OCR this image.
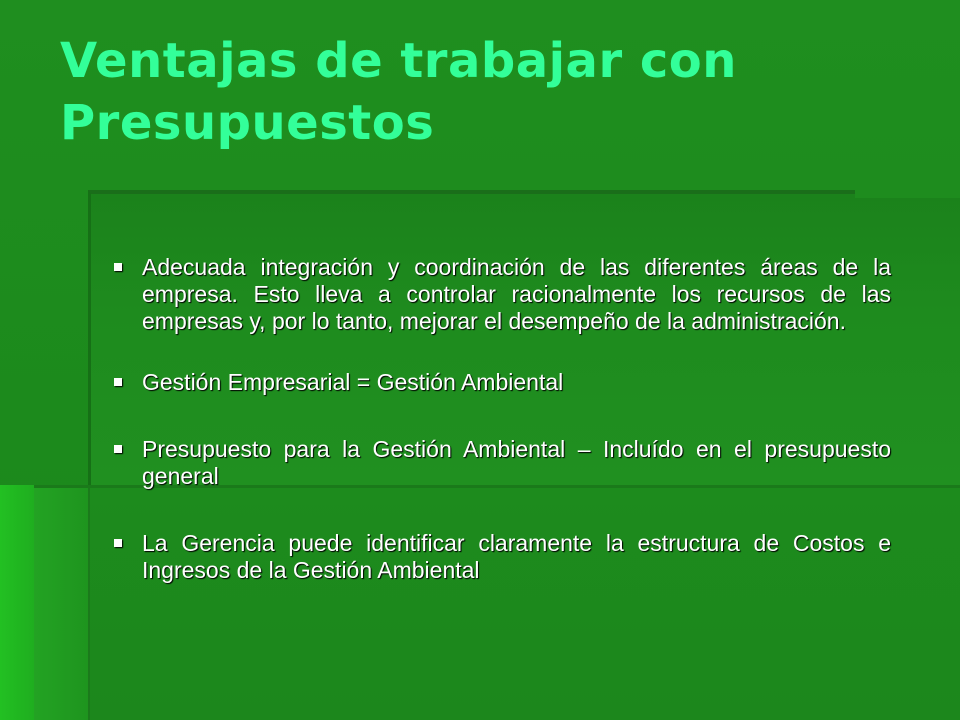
Ventajas de trabajar con Presupuestos
Adecuada integración y coordinación de las diferentes áreas de la empresa. Esto lleva a controlar racionalmente los recursos de las empresas y, por lo tanto, mejorar el desempeño de la administración.
Gestión Empresarial = Gestión Ambiental
Presupuesto para la Gestión Ambiental – Incluído en el presupuesto general
La Gerencia puede identificar claramente la estructura de Costos e Ingresos de la Gestión Ambiental
